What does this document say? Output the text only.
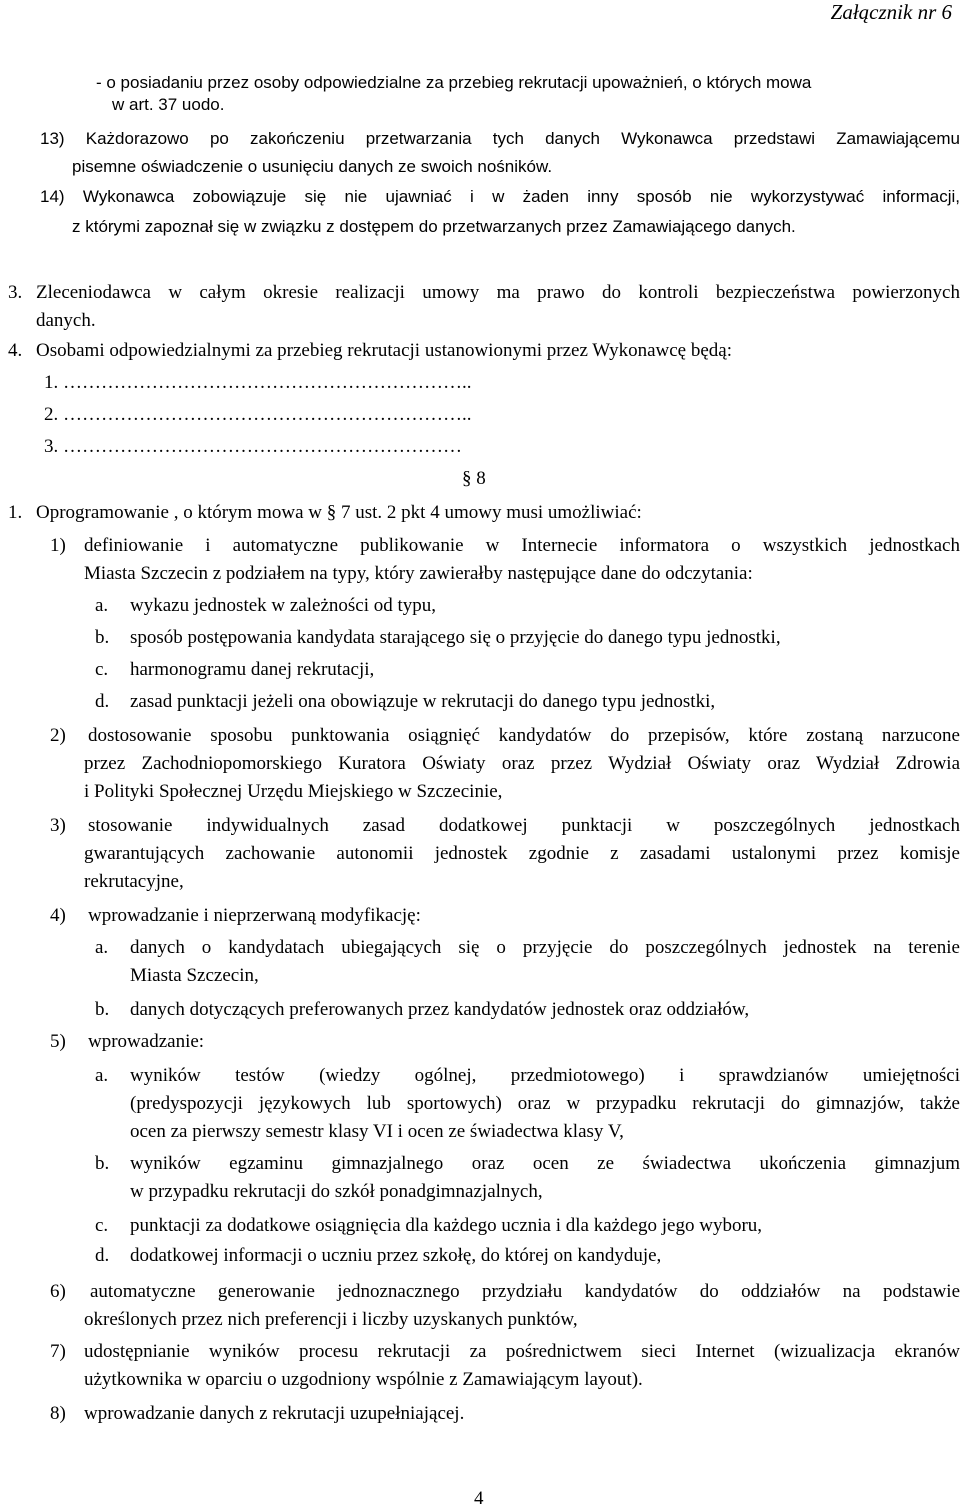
Załącznik nr 6
- o posiadaniu przez osoby odpowiedzialne za przebieg rekrutacji upoważnień, o których mowa
w art. 37 uodo.
13) Każdorazowo po zakończeniu przetwarzania tych danych Wykonawca przedstawi Zamawiającemu
pisemne oświadczenie o usunięciu danych ze swoich nośników.
14) Wykonawca zobowiązuje się nie ujawniać i w żaden inny sposób nie wykorzystywać informacji,
z którymi zapoznał się w związku z dostępem do przetwarzanych przez Zamawiającego danych.
3. Zleceniodawca w całym okresie realizacji umowy ma prawo do kontroli bezpieczeństwa powierzonych
danych.
4. Osobami odpowiedzialnymi za przebieg rekrutacji ustanowionymi przez Wykonawcę będą:
1. ………………………………………………………..
2. ………………………………………………………..
3. ………………………………………………………
§ 8
1. Oprogramowanie , o którym mowa w § 7 ust. 2 pkt 4 umowy musi umożliwiać:
1) definiowanie i automatyczne publikowanie w Internecie informatora o wszystkich jednostkach
Miasta Szczecin z podziałem na typy, który zawierałby następujące dane do odczytania:
a. wykazu jednostek w zależności od typu,
b. sposób postępowania kandydata starającego się o przyjęcie do danego typu jednostki,
c. harmonogramu danej rekrutacji,
d. zasad punktacji jeżeli ona obowiązuje w rekrutacji do danego typu jednostki,
2) dostosowanie sposobu punktowania osiągnięć kandydatów do przepisów, które zostaną narzucone
przez Zachodniopomorskiego Kuratora Oświaty oraz przez Wydział Oświaty oraz Wydział Zdrowia
i Polityki Społecznej Urzędu Miejskiego w Szczecinie,
3) stosowanie indywidualnych zasad dodatkowej punktacji w poszczególnych jednostkach
gwarantujących zachowanie autonomii jednostek zgodnie z zasadami ustalonymi przez komisje
rekrutacyjne,
4) wprowadzanie i nieprzerwaną modyfikację:
a. danych o kandydatach ubiegających się o przyjęcie do poszczególnych jednostek na terenie
Miasta Szczecin,
b. danych dotyczących preferowanych przez kandydatów jednostek oraz oddziałów,
5) wprowadzanie:
a. wyników testów (wiedzy ogólnej, przedmiotowego) i sprawdzianów umiejętności
(predyspozycji językowych lub sportowych) oraz w przypadku rekrutacji do gimnazjów, także
ocen za pierwszy semestr klasy VI i ocen ze świadectwa klasy V,
b. wyników egzaminu gimnazjalnego oraz ocen ze świadectwa ukończenia gimnazjum
w przypadku rekrutacji do szkół ponadgimnazjalnych,
c. punktacji za dodatkowe osiągnięcia dla każdego ucznia i dla każdego jego wyboru,
d. dodatkowej informacji o uczniu przez szkołę, do której on kandyduje,
6) automatyczne generowanie jednoznacznego przydziału kandydatów do oddziałów na podstawie
określonych przez nich preferencji i liczby uzyskanych punktów,
7) udostępnianie wyników procesu rekrutacji za pośrednictwem sieci Internet (wizualizacja ekranów
użytkownika w oparciu o uzgodniony wspólnie z Zamawiającym layout).
8) wprowadzanie danych z rekrutacji uzupełniającej.
4
